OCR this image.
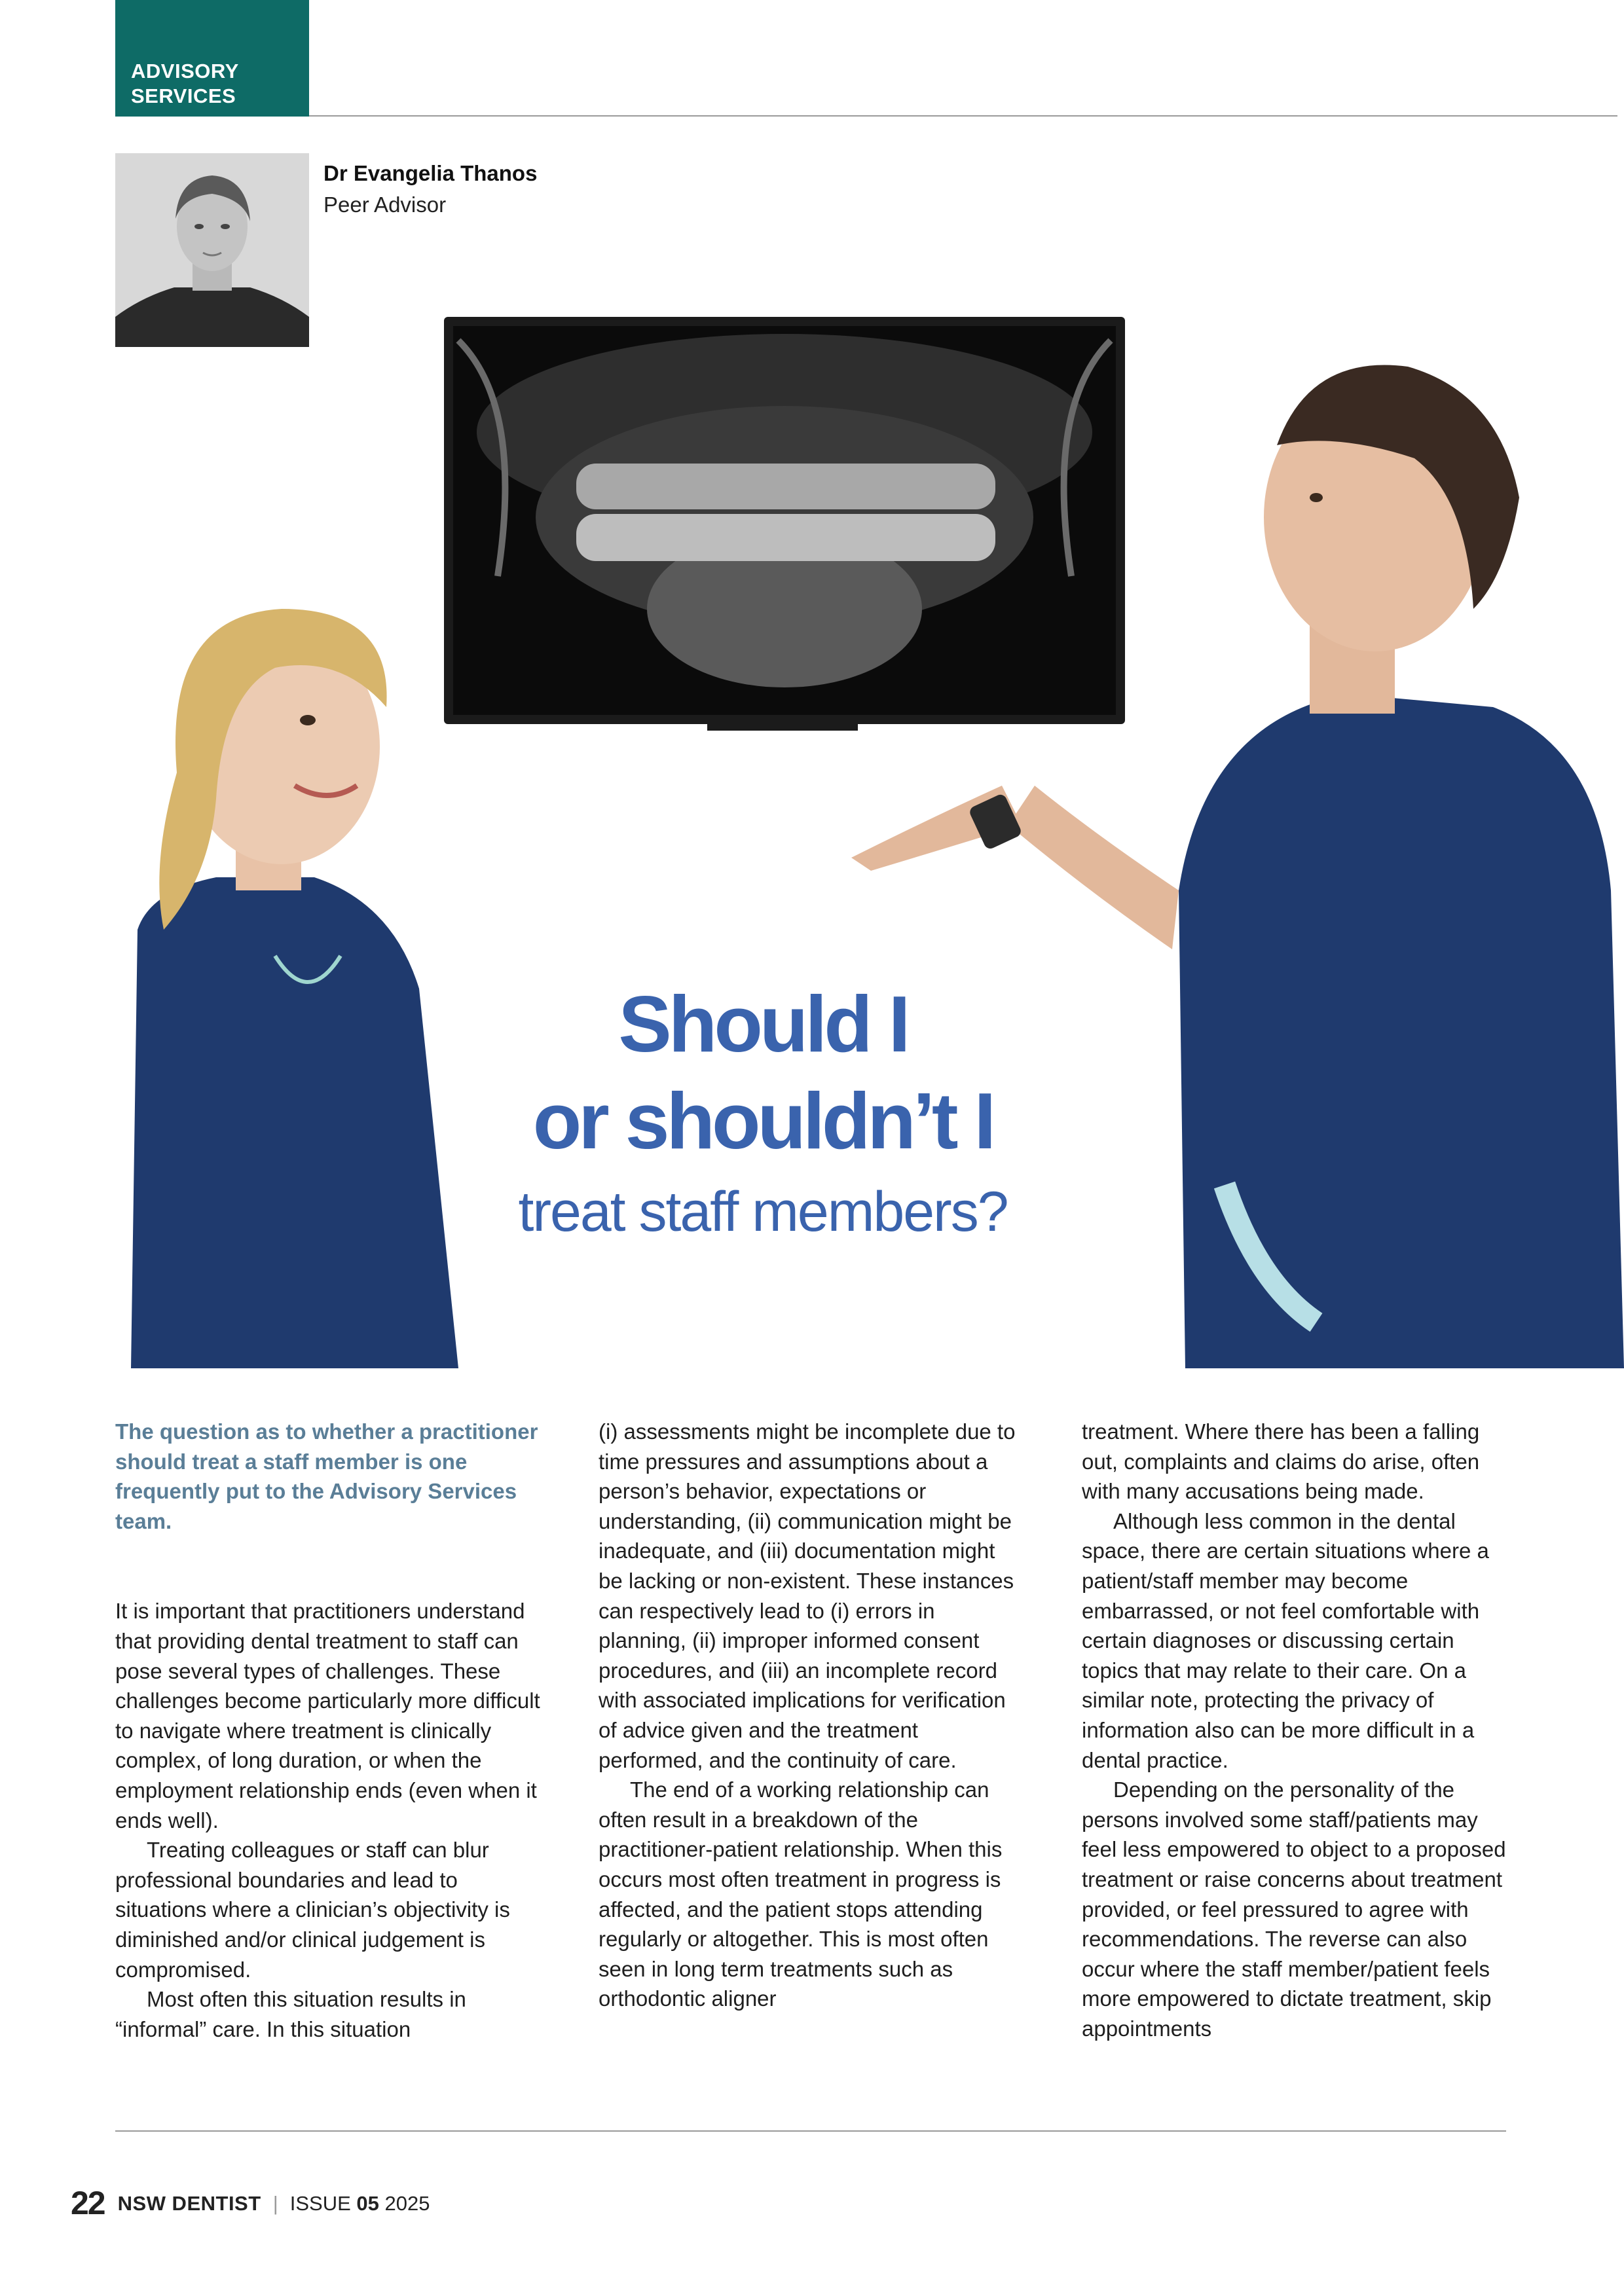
ADVISORY
SERVICES
Dr Evangelia Thanos
Peer Advisor
Should I
or shouldn’t I
treat staff members?

The question as to whether a practitioner should treat a staff member is one frequently put to the Advisory Services team.

It is important that practitioners understand that providing dental treatment to staff can pose several types of challenges. These challenges become particularly more difficult to navigate where treatment is clinically complex, of long duration, or when the employment relationship ends (even when it ends well).

Treating colleagues or staff can blur professional boundaries and lead to situations where a clinician’s objectivity is diminished and/or clinical judgement is compromised.

Most often this situation results in “informal” care. In this situation

(i) assessments might be incomplete due to time pressures and assumptions about a person’s behavior, expectations or understanding, (ii) communication might be inadequate, and (iii) documentation might be lacking or non-existent. These instances can respectively lead to (i) errors in planning, (ii) improper informed consent procedures, and (iii) an incomplete record with associated implications for verification of advice given and the treatment performed, and the continuity of care.

The end of a working relationship can often result in a breakdown of the practitioner-patient relationship. When this occurs most often treatment in progress is affected, and the patient stops attending regularly or altogether. This is most often seen in long term treatments such as orthodontic aligner

treatment. Where there has been a falling out, complaints and claims do arise, often with many accusations being made.

Although less common in the dental space, there are certain situations where a patient/staff member may become embarrassed, or not feel comfortable with certain diagnoses or discussing certain topics that may relate to their care. On a similar note, protecting the privacy of information also can be more difficult in a dental practice.

Depending on the personality of the persons involved some staff/patients may feel less empowered to object to a proposed treatment or raise concerns about treatment provided, or feel pressured to agree with recommendations. The reverse can also occur where the staff member/patient feels more empowered to dictate treatment, skip appointments

22 NSW DENTIST | ISSUE 05 2025
